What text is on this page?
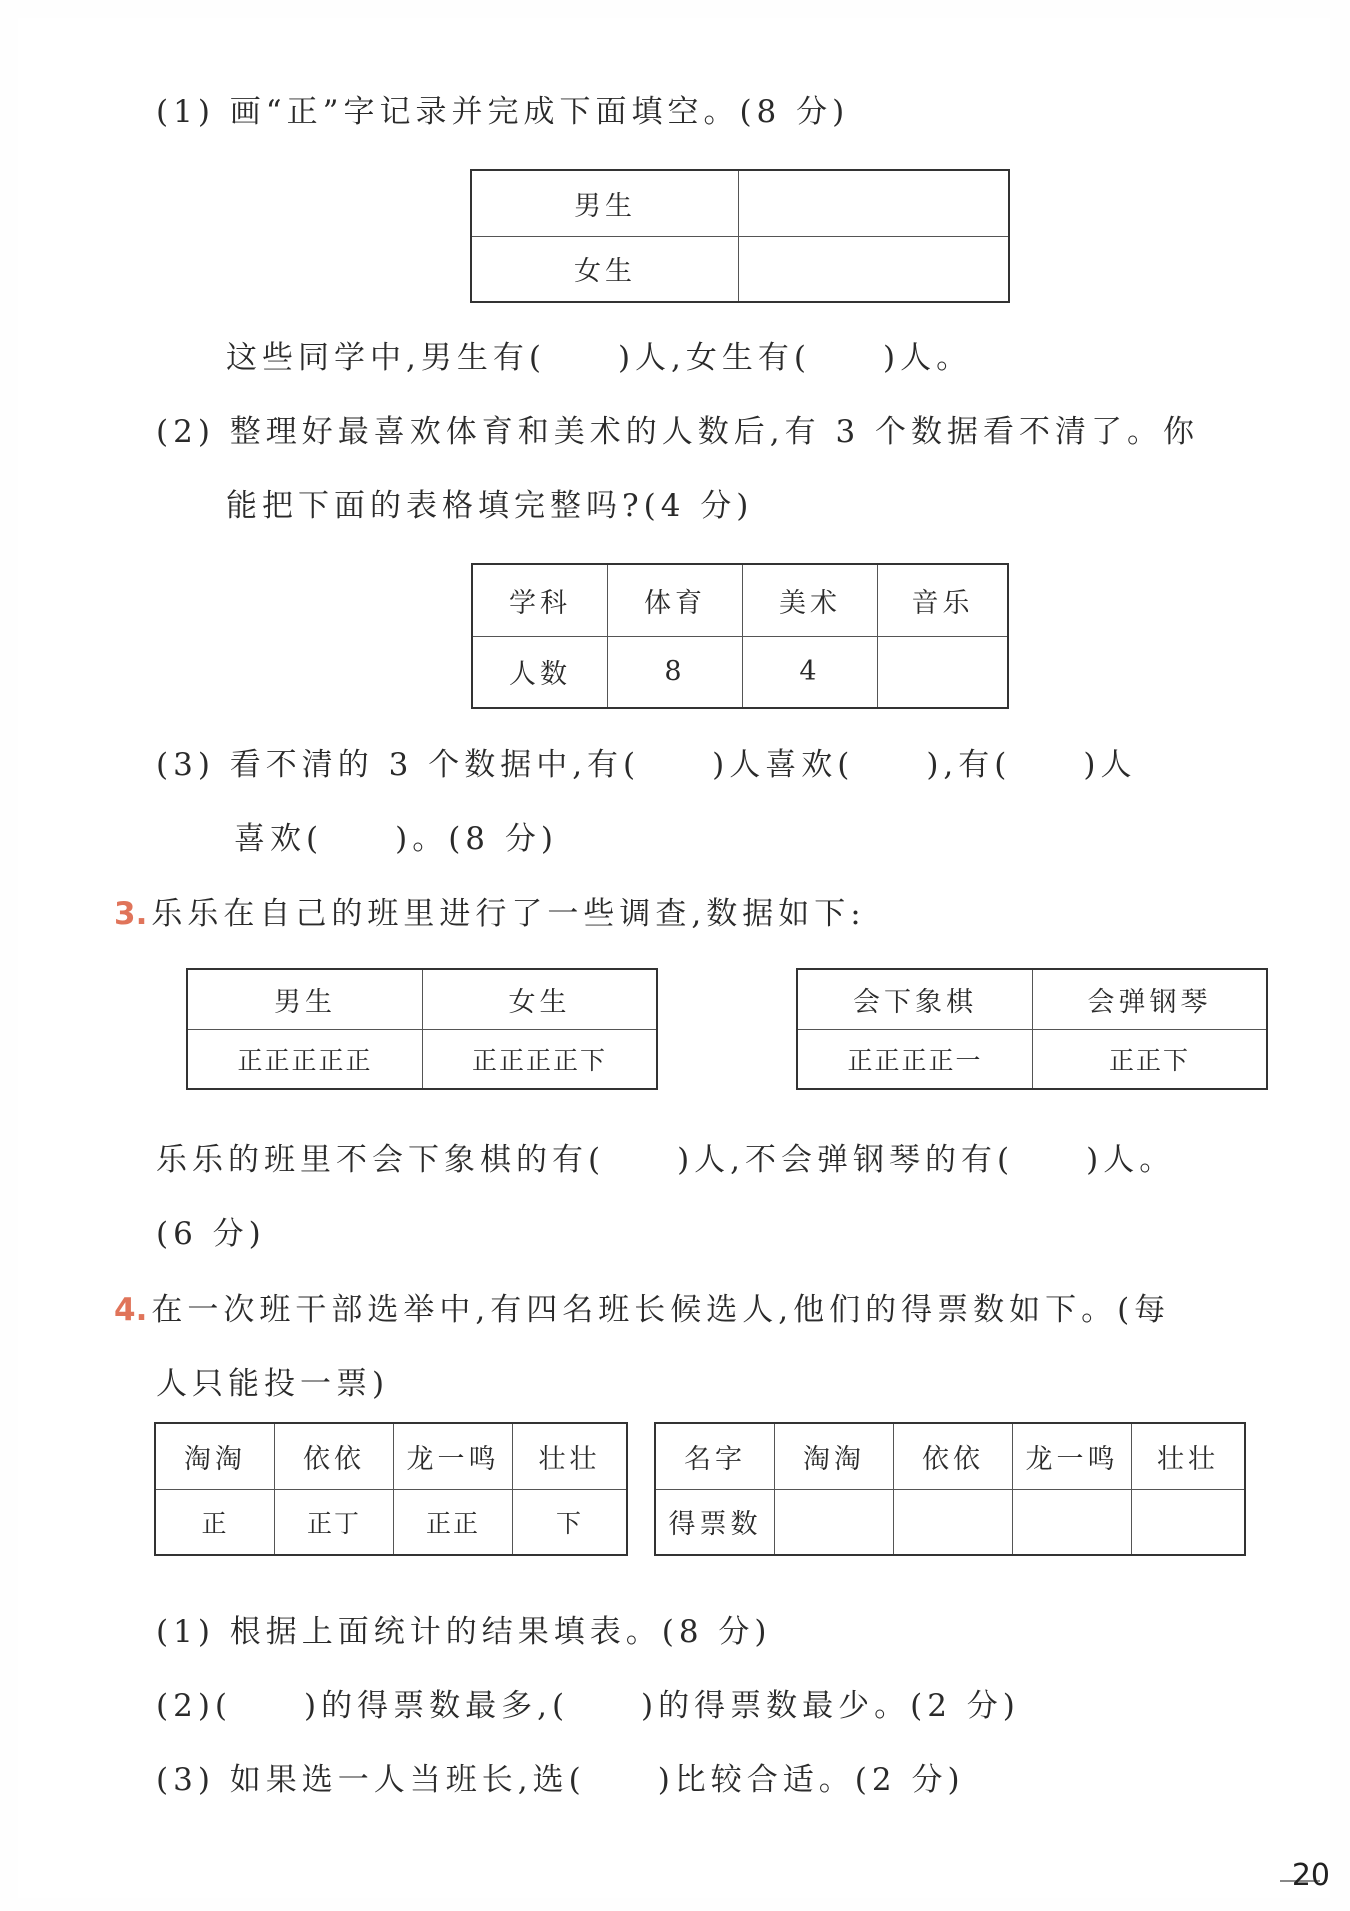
(1) 画“正”字记录并完成下面填空。(8 分)
男生	
女生	
这些同学中,男生有(　　)人,女生有(　　)人。
(2) 整理好最喜欢体育和美术的人数后,有 3 个数据看不清了。你
能把下面的表格填完整吗?(4 分)
学科	体育	美术	音乐
人数	8	4	
(3) 看不清的 3 个数据中,有(　　)人喜欢(　　),有(　　)人
喜欢(　　)。(8 分)
3. 乐乐在自己的班里进行了一些调查,数据如下:
男生	女生
正正正正正	正正正正下
会下象棋	会弹钢琴
正正正正一	正正下
乐乐的班里不会下象棋的有(　　)人,不会弹钢琴的有(　　)人。
(6 分)
4. 在一次班干部选举中,有四名班长候选人,他们的得票数如下。(每
人只能投一票)
淘淘	依依	龙一鸣	壮壮
正	正丁	正正	下
名字	淘淘	依依	龙一鸣	壮壮
得票数				
(1) 根据上面统计的结果填表。(8 分)
(2)(　　)的得票数最多,(　　)的得票数最少。(2 分)
(3) 如果选一人当班长,选(　　)比较合适。(2 分)
20
